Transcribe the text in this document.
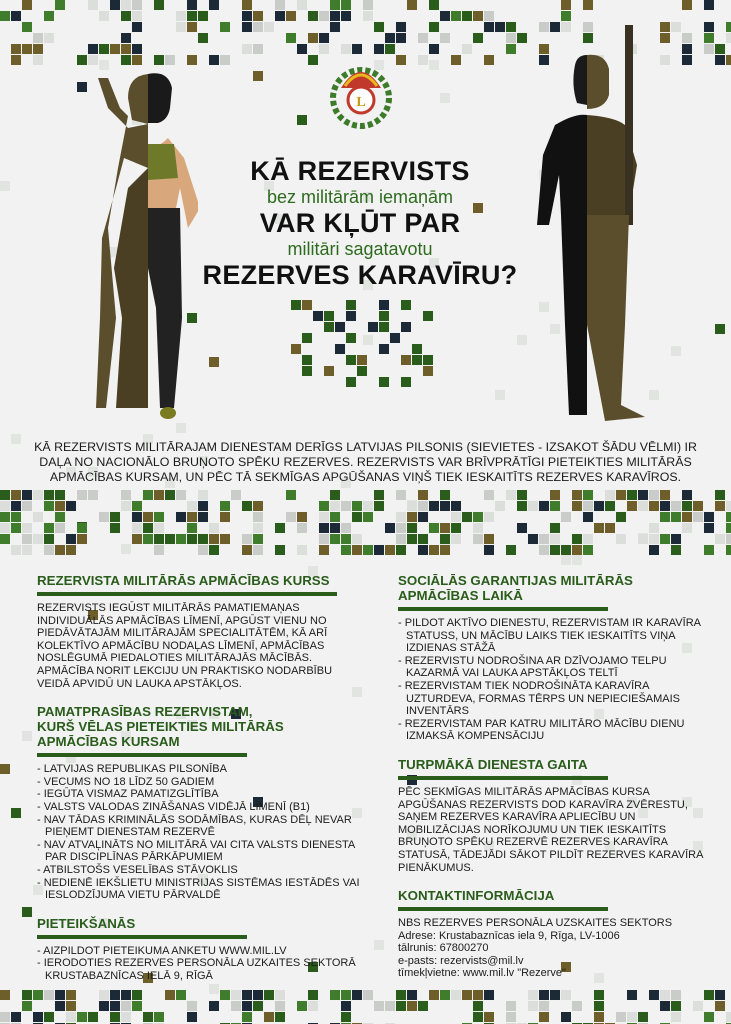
L
KĀ REZERVISTS
bez militārām iemaņām
VAR KĻŪT PAR
militāri sagatavotu
REZERVES KARAVĪRU?
KĀ REZERVISTS MILITĀRAJAM DIENESTAM DERĪGS LATVIJAS PILSONIS (SIEVIETES - IZSAKOT ŠĀDU VĒLMI) IR DAĻA NO NACIONĀLO BRUŅOTO SPĒKU REZERVES. REZERVISTS VAR BRĪVPRĀTĪGI PIETEIKTIES MILITĀRĀS APMĀCĪBAS KURSAM, UN PĒC TĀ SEKMĪGAS APGŪŠANAS VIŅŠ TIEK IESKAITĪTS REZERVES KARAVĪROS.
REZERVISTA MILITĀRĀS APMĀCĪBAS KURSS

REZERVISTS IEGŪST MILITĀRĀS PAMATIEMAŅAS INDIVIDUĀLĀS APMĀCĪBAS LĪMENĪ, APGŪST VIENU NO PIEDĀVĀTAJĀM MILITĀRAJĀM SPECIALITĀTĒM, KĀ ARĪ KOLEKTĪVO APMĀCĪBU NODAĻAS LĪMENĪ, APMĀCĪBAS NOSLĒGUMĀ PIEDALOTIES MILITĀRAJĀS MĀCĪBĀS. APMĀCĪBA NORIT LEKCIJU UN PRAKTISKO NODARBĪBU VEIDĀ APVIDŪ UN LAUKA APSTĀKĻOS.

PAMATPRASĪBAS REZERVISTAM,
KURŠ VĒLAS PIETEIKTIES MILITĀRĀS
APMĀCĪBAS KURSAM
- LATVIJAS REPUBLIKAS PILSONĪBA
- VECUMS NO 18 LĪDZ 50 GADIEM
- IEGŪTA VISMAZ PAMATIZGLĪTĪBA
- VALSTS VALODAS ZINĀŠANAS VIDĒJĀ LĪMENĪ (B1)
- NAV TĀDAS KRIMINĀLĀS SODĀMĪBAS, KURAS DĒĻ NEVAR PIEŅEMT DIENESTAM REZERVĒ
- NAV ATVAĻINĀTS NO MILITĀRĀ VAI CITA VALSTS DIENESTA PAR DISCIPLĪNAS PĀRKĀPUMIEM
- ATBILSTOŠS VESELĪBAS STĀVOKLIS
- NEDIENĒ IEKŠLIETU MINISTRIJAS SISTĒMAS IESTĀDĒS VAI IESLODZĪJUMA VIETU PĀRVALDĒ
PIETEIKŠANĀS
- AIZPILDOT PIETEIKUMA ANKETU WWW.MIL.LV
- IERODOTIES REZERVES PERSONĀLA UZKAITES SEKTORĀ KRUSTABAZNĪCAS IELĀ 9, RĪGĀ
SOCIĀLĀS GARANTIJAS MILITĀRĀS
APMĀCĪBAS LAIKĀ
- PILDOT AKTĪVO DIENESTU, REZERVISTAM IR KARAVĪRA STATUSS, UN MĀCĪBU LAIKS TIEK IESKAITĪTS VIŅA IZDIENAS STĀŽĀ
- REZERVISTU NODROŠINA AR DZĪVOJAMO TELPU KAZARMĀ VAI LAUKA APSTĀKĻOS TELTĪ
- REZERVISTAM TIEK NODROŠINĀTA KARAVĪRA UZTURDEVA, FORMAS TĒRPS UN NEPIECIEŠAMAIS INVENTĀRS
- REZERVISTAM PAR KATRU MILITĀRO MĀCĪBU DIENU IZMAKSĀ KOMPENSĀCIJU
TURPMĀKĀ DIENESTA GAITA

PĒC SEKMĪGAS MILITĀRĀS APMĀCĪBAS KURSA APGŪŠANAS REZERVISTS DOD KARAVĪRA ZVĒRESTU, SAŅEM REZERVES KARAVĪRA APLIECĪBU UN MOBILIZĀCIJAS NORĪKOJUMU UN TIEK IESKAITĪTS BRUŅOTO SPĒKU REZERVĒ REZERVES KARAVĪRA STATUSĀ, TĀDEJĀDI SĀKOT PILDĪT REZERVES KARAVĪRA PIENĀKUMUS.

KONTAKTINFORMĀCIJA

NBS REZERVES PERSONĀLA UZSKAITES SEKTORS

Adrese: Krustabaznīcas iela 9, Rīga, LV-1006

tālrunis: 67800270

e-pasts: rezervists@mil.lv

tīmekļvietne: www.mil.lv "Rezerve"
